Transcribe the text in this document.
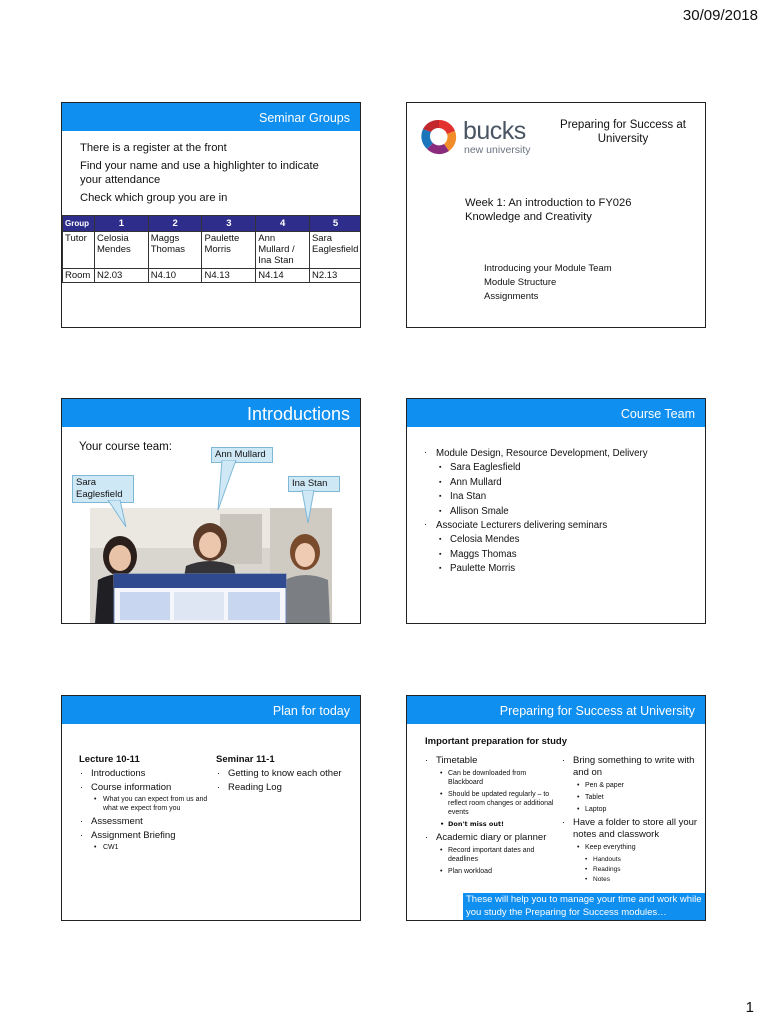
30/09/2018
Seminar Groups

There is a register at the front

Find your name and use a highlighter to indicate your attendance

Check which group you are in

Group	1	2	3	4	5
Tutor	Celosia Mendes	Maggs Thomas	Paulette Morris	Ann Mullard / Ina Stan	Sara Eaglesfield
Room	N2.03	N4.10	N4.13	N4.14	N2.13
bucks
new university
Preparing for Success at University
Week 1: An introduction to FY026 Knowledge and Creativity
Introducing your Module Team
Module Structure
Assignments
Introductions
Your course team:
Ann Mullard
Sara Eaglesfield
Ina Stan
Course Team
· Module Design, Resource Development, Delivery
▪ Sara Eaglesfield
▪ Ann Mullard
▪ Ina Stan
▪ Allison Smale
· Associate Lecturers delivering seminars
▪ Celosia Mendes
▪ Maggs Thomas
▪ Paulette Morris
Plan for today
Lecture 10-11
· Introductions
· Course information
• What you can expect from us and what we expect from you
· Assessment
· Assignment Briefing
• CW1
Seminar 11-1
· Getting to know each other
· Reading Log
Preparing for Success at University
Important preparation for study
· Timetable
• Can be downloaded from Blackboard
• Should be updated regularly – to reflect room changes or additional events
• Don't miss out!
· Academic diary or planner
• Record important dates and deadlines
• Plan workload
· Bring something to write with and on
• Pen & paper
• Tablet
• Laptop
· Have a folder to store all your notes and classwork
• Keep everything
• Handouts
• Readings
• Notes
These will help you to manage your time and work while you study the Preparing for Success modules…
1
